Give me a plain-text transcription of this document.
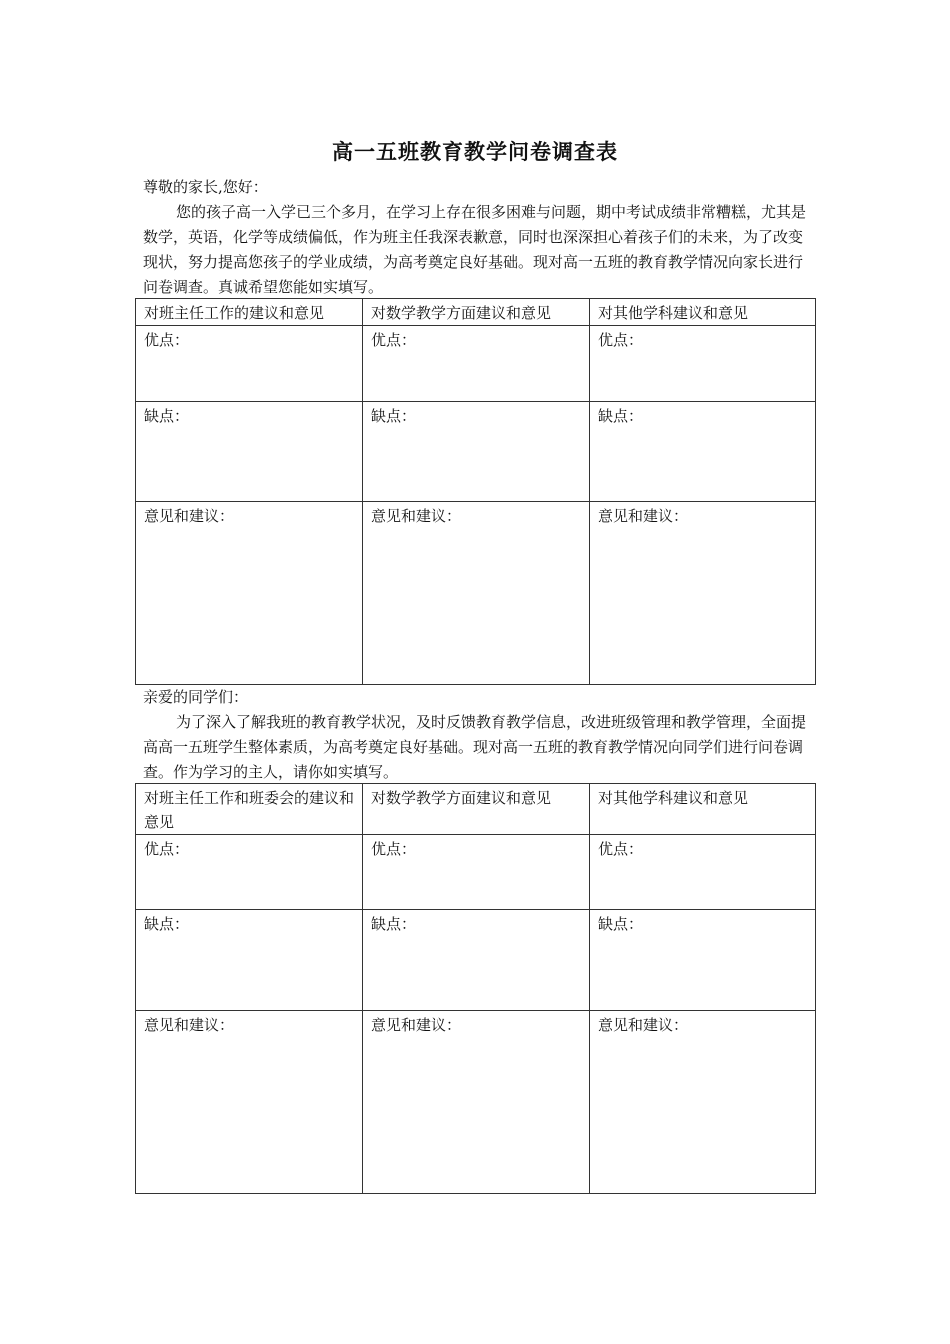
高一五班教育教学问卷调查表

尊敬的家长,您好：

您的孩子高一入学已三个多月，在学习上存在很多困难与问题，期中考试成绩非常糟糕，尤其是数学，英语，化学等成绩偏低，作为班主任我深表歉意，同时也深深担心着孩子们的未来，为了改变现状，努力提高您孩子的学业成绩，为高考奠定良好基础。现对高一五班的教育教学情况向家长进行问卷调查。真诚希望您能如实填写。

对班主任工作的建议和意见	对数学教学方面建议和意见	对其他学科建议和意见
优点：	优点：	优点：
缺点：	缺点：	缺点：
意见和建议：	意见和建议：	意见和建议：

亲爱的同学们：

为了深入了解我班的教育教学状况，及时反馈教育教学信息，改进班级管理和教学管理，全面提高高一五班学生整体素质，为高考奠定良好基础。现对高一五班的教育教学情况向同学们进行问卷调查。作为学习的主人，请你如实填写。

对班主任工作和班委会的建议和意见	对数学教学方面建议和意见	对其他学科建议和意见
优点：	优点：	优点：
缺点：	缺点：	缺点：
意见和建议：	意见和建议：	意见和建议：
